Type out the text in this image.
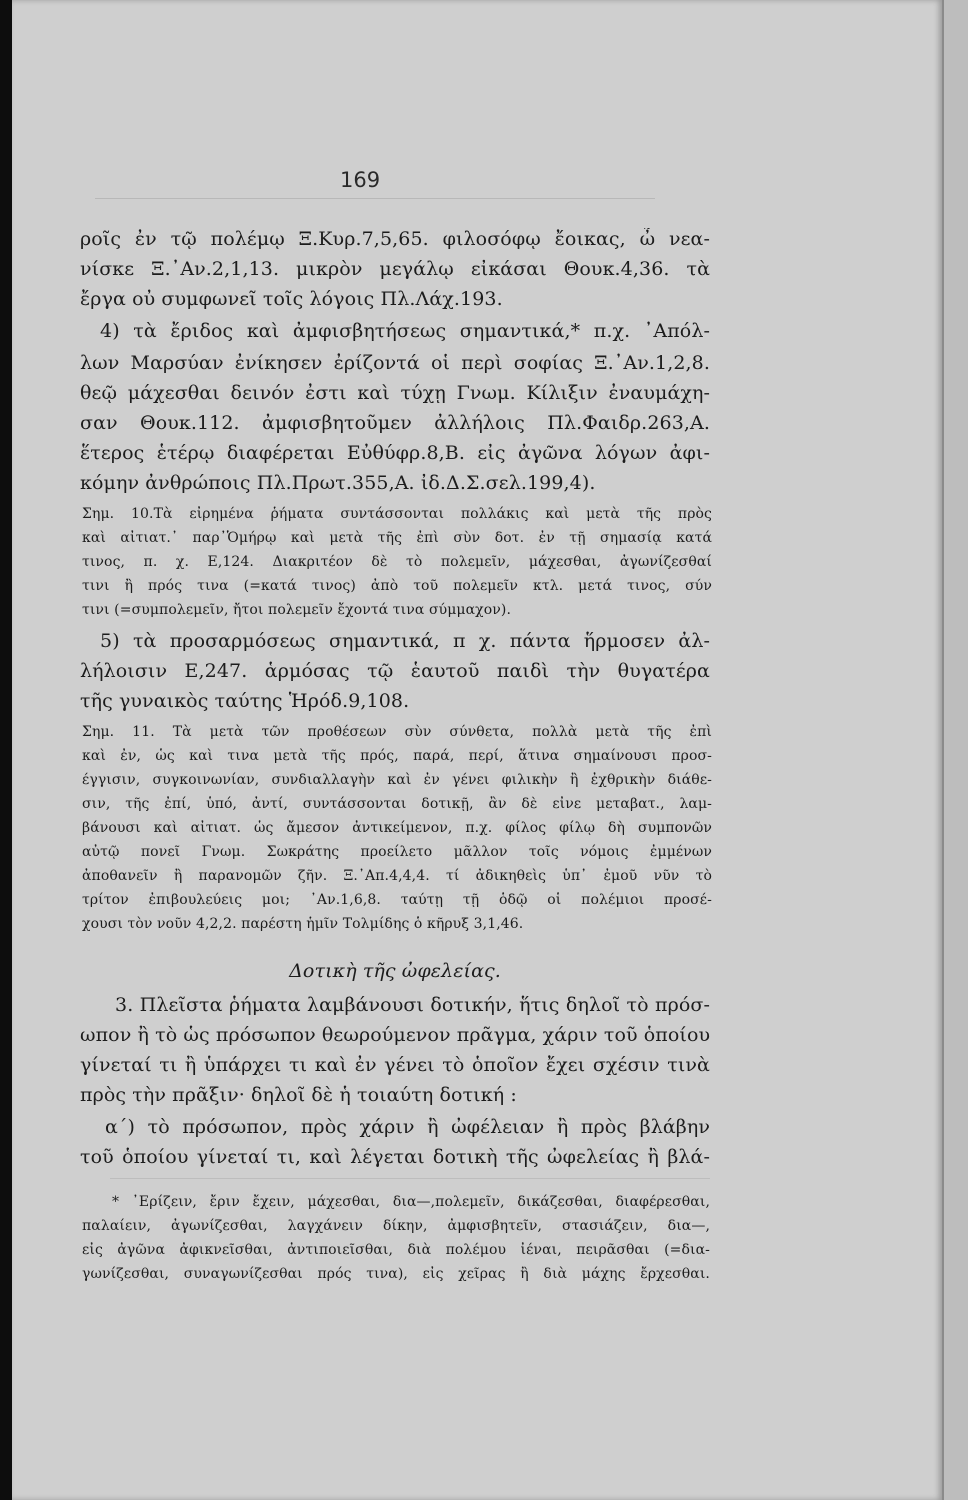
169
ροῖς ἐν τῷ πολέμῳ Ξ.Κυρ.7,5,65. φιλοσόφῳ ἔοικας, ὦ νεα-
νίσκε Ξ.᾿Αν.2,1,13. μικρὸν μεγάλῳ εἰκάσαι Θουκ.4,36. τὰ
ἔργα οὐ συμφωνεῖ τοῖς λόγοις Πλ.Λάχ.193.
4) τὰ ἔριδος καὶ ἀμφισβητήσεως σημαντικά,* π.χ. ᾿Απόλ-
λων Μαρσύαν ἐνίκησεν ἐρίζοντά οἱ περὶ σοφίας Ξ.᾿Αν.1,2,8.
θεῷ μάχεσθαι δεινόν ἐστι καὶ τύχῃ Γνωμ. Κίλιξιν ἐναυμάχη-
σαν Θουκ.112. ἀμφισβητοῦμεν ἀλλήλοις Πλ.Φαιδρ.263,Α.
ἕτερος ἑτέρῳ διαφέρεται Εὐθύφρ.8,Β. εἰς ἀγῶνα λόγων ἀφι-
κόμην ἀνθρώποις Πλ.Πρωτ.355,Α. ἰδ.Δ.Σ.σελ.199,4).
Σημ. 10.Τὰ εἰρημένα ῥήματα συντάσσονται πολλάκις καὶ μετὰ τῆς πρὸς
καὶ αἰτιατ.᾿ παρ᾿Ὁμήρῳ καὶ μετὰ τῆς ἐπὶ σὺν δοτ. ἐν τῇ σημασίᾳ κατά
τινος, π. χ. Ε,124. Διακριτέον δὲ τὸ πολεμεῖν, μάχεσθαι, ἀγωνίζεσθαί
τινι ἢ πρός τινα (=κατά τινος) ἀπὸ τοῦ πολεμεῖν κτλ. μετά τινος, σύν
τινι (=συμπολεμεῖν, ἤτοι πολεμεῖν ἔχοντά τινα σύμμαχον).
5) τὰ προσαρμόσεως σημαντικά, π χ. πάντα ἥρμοσεν ἀλ-
λήλοισιν Ε,247. ἁρμόσας τῷ ἑαυτοῦ παιδὶ τὴν θυγατέρα
τῆς γυναικὸς ταύτης Ἡρόδ.9,108.
Σημ. 11. Τὰ μετὰ τῶν προθέσεων σὺν σύνθετα, πολλὰ μετὰ τῆς ἐπὶ
καὶ ἐν, ὡς καὶ τινα μετὰ τῆς πρός, παρά, περί, ἅτινα σημαίνουσι προσ-
έγγισιν, συγκοινωνίαν, συνδιαλλαγὴν καὶ ἐν γένει φιλικὴν ἢ ἐχθρικὴν διάθε-
σιν, τῆς ἐπί, ὑπό, ἀντί, συντάσσονται δοτικῇ, ἂν δὲ εἶνε μεταβατ., λαμ-
βάνουσι καὶ αἰτιατ. ὡς ἄμεσον ἀντικείμενον, π.χ. φίλος φίλῳ δὴ συμπονῶν
αὐτῷ πονεῖ Γνωμ. Σωκράτης προείλετο μᾶλλον τοῖς νόμοις ἐμμένων
ἀποθανεῖν ἢ παρανομῶν ζῆν. Ξ.᾿Απ.4,4,4. τί ἀδικηθεὶς ὑπ᾿ ἐμοῦ νῦν τὸ
τρίτον ἐπιβουλεύεις μοι; ᾿Αν.1,6,8. ταύτῃ τῇ ὁδῷ οἱ πολέμιοι προσέ-
χουσι τὸν νοῦν 4,2,2. παρέστη ἡμῖν Τολμίδης ὁ κῆρυξ 3,1,46.
Δοτικὴ τῆς ὠφελείας.
3. Πλεῖστα ῥήματα λαμβάνουσι δοτικήν, ἥτις δηλοῖ τὸ πρόσ-
ωπον ἢ τὸ ὡς πρόσωπον θεωρούμενον πρᾶγμα, χάριν τοῦ ὁποίου
γίνεταί τι ἢ ὑπάρχει τι καὶ ἐν γένει τὸ ὁποῖον ἔχει σχέσιν τινὰ
πρὸς τὴν πρᾶξιν· δηλοῖ δὲ ἡ τοιαύτη δοτική :
α΄) τὸ πρόσωπον, πρὸς χάριν ἢ ὠφέλειαν ἢ πρὸς βλάβην
τοῦ ὁποίου γίνεταί τι, καὶ λέγεται δοτικὴ τῆς ὠφελείας ἢ βλά-
* ᾿Ερίζειν, ἔριν ἔχειν, μάχεσθαι, δια—,πολεμεῖν, δικάζεσθαι, διαφέρεσθαι,
παλαίειν, ἀγωνίζεσθαι, λαγχάνειν δίκην, ἀμφισβητεῖν, στασιάζειν, δια—,
εἰς ἀγῶνα ἀφικνεῖσθαι, ἀντιποιεῖσθαι, διὰ πολέμου ἰέναι, πειρᾶσθαι (=δια-
γωνίζεσθαι, συναγωνίζεσθαι πρός τινα), εἰς χεῖρας ἢ διὰ μάχης ἔρχεσθαι.
